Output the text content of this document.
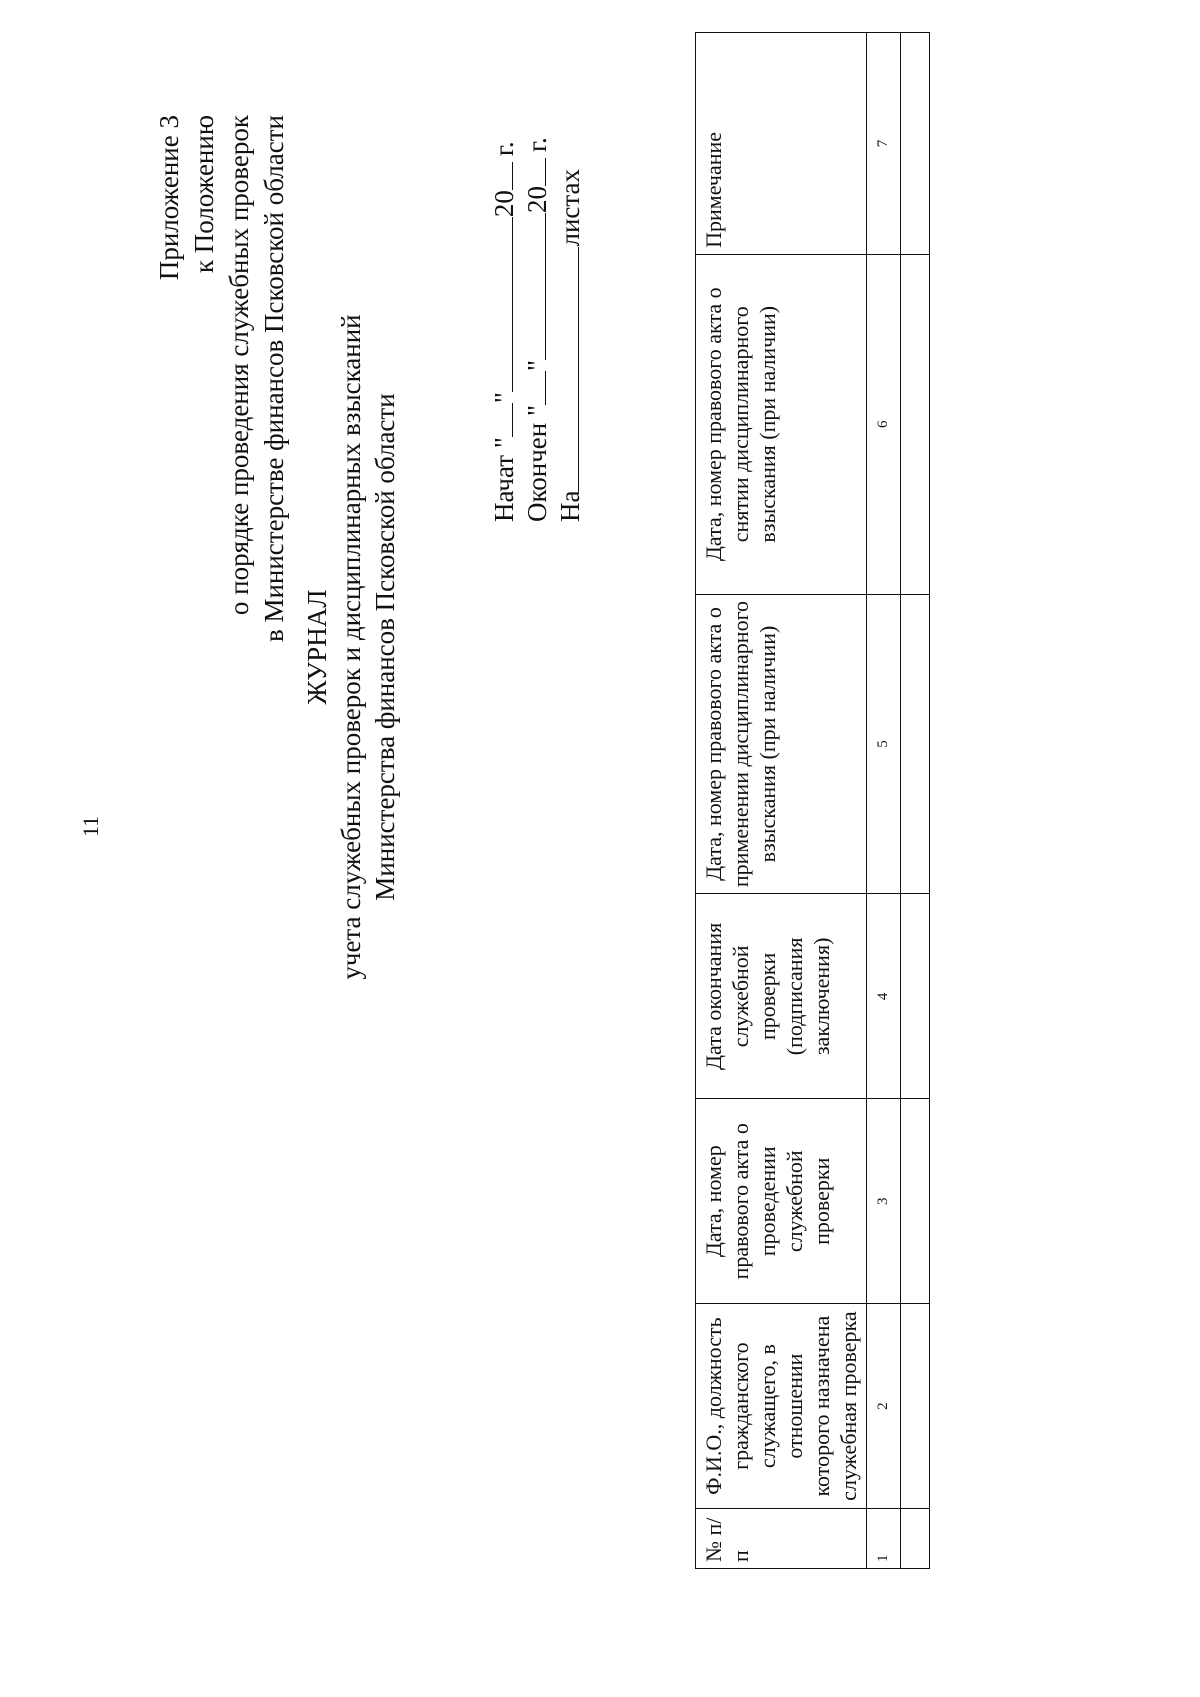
11
Приложение 3 к Положению о порядке проведения служебных проверок в Министерстве финансов Псковской области
ЖУРНАЛ учета служебных проверок и дисциплинарных взысканий Министерства финансов Псковской области	Начат "
"
20
г.
Окончен "
"
20
г.
На
листах
№ п/п	Ф.И.О., должность гражданского служащего, в отношении которого назначена служебная проверка	Дата, номер правового акта о проведении служебной проверки	Дата окончания служебной проверки (подписания заключения)	Дата, номер правового акта о применении дисциплинарного взыскания (при наличии)	Дата, номер правового акта о снятии дисциплинарного взыскания (при наличии)	Примечание
1	2	3	4	5	6	7
